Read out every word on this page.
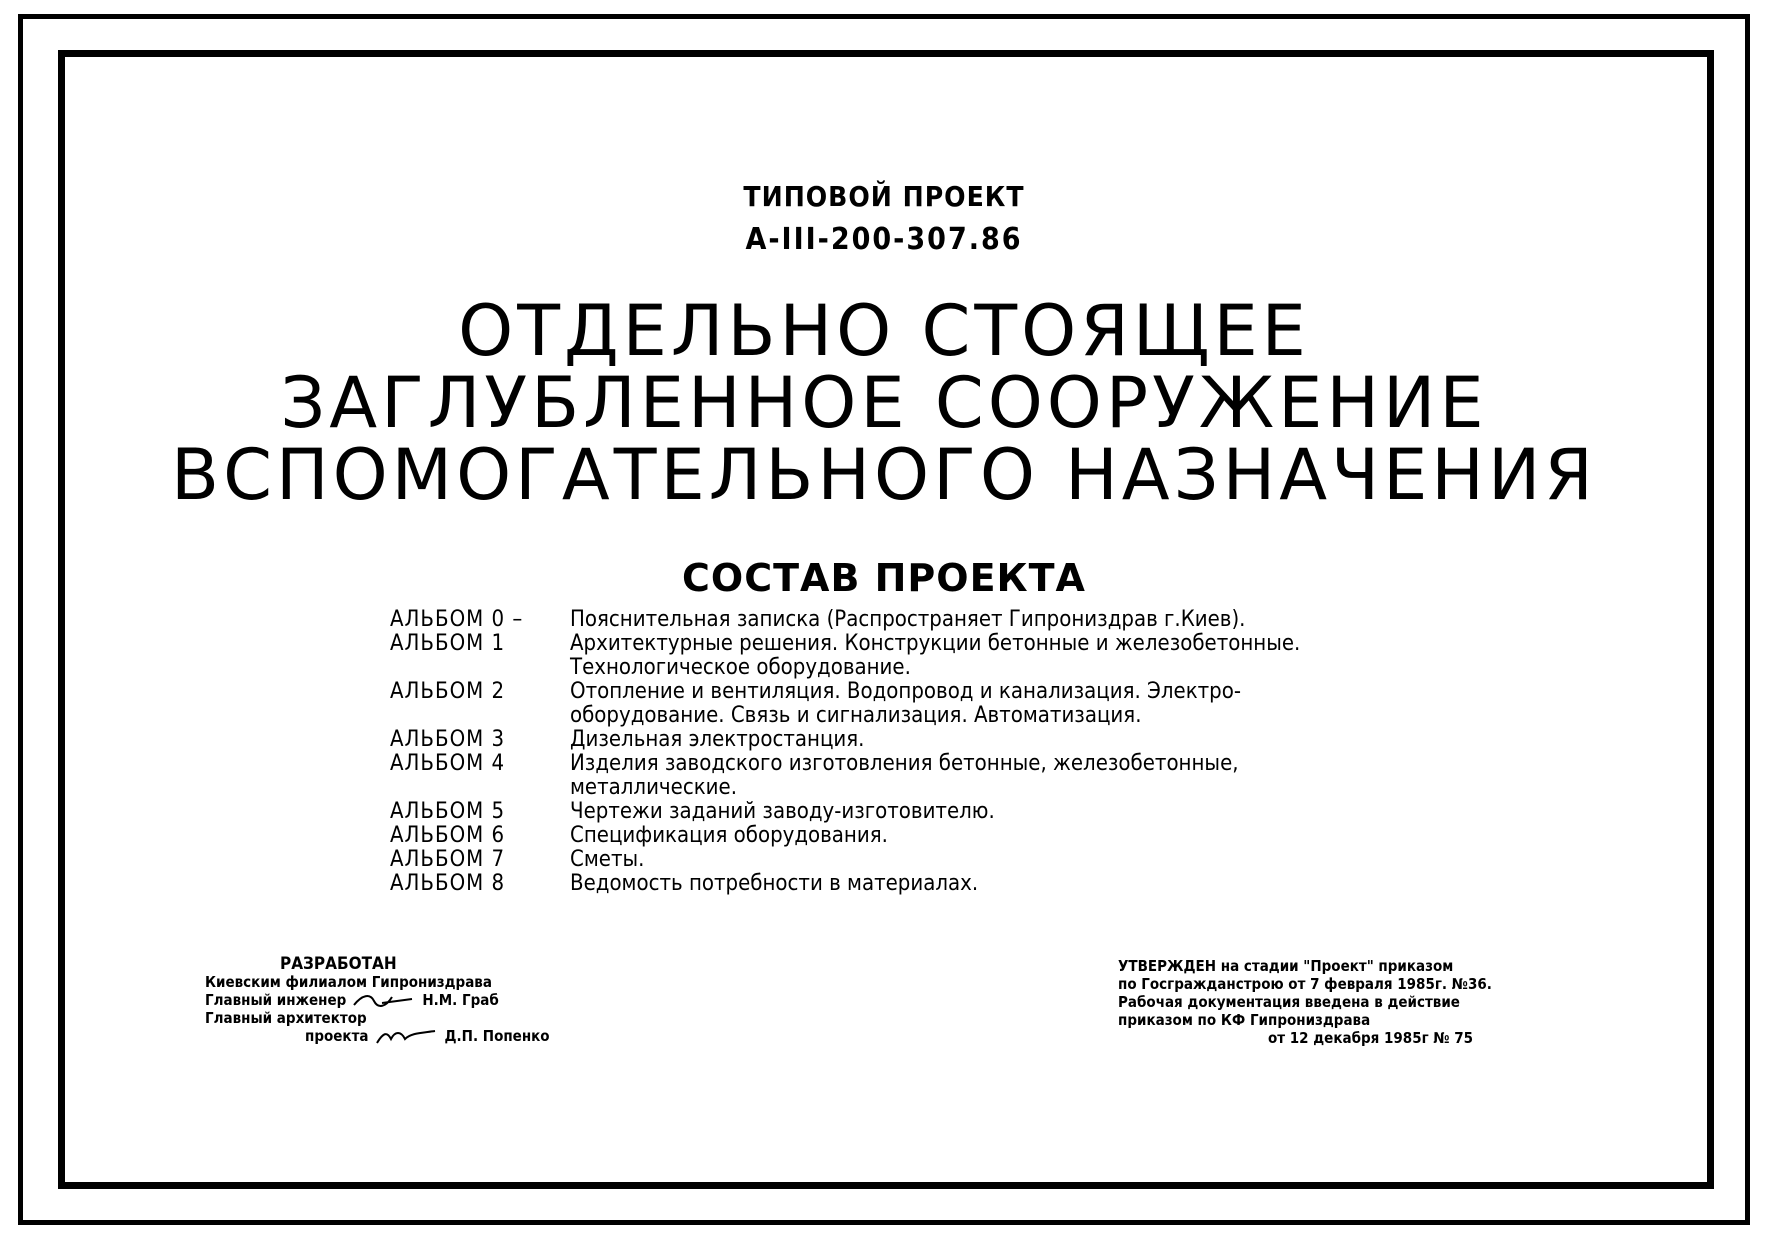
ТИПОВОЙ ПРОЕКТ
А-III-200-307.86
ОТДЕЛЬНО СТОЯЩЕЕ
ЗАГЛУБЛЕННОЕ СООРУЖЕНИЕ
ВСПОМОГАТЕЛЬНОГО НАЗНАЧЕНИЯ
СОСТАВ ПРОЕКТА
АЛЬБОМ 0 –	Пояснительная записка (Распространяет Гипрониздрав г.Киев).
АЛЬБОМ 1	Архитектурные решения. Конструкции бетонные и железобетонные.
Технологическое оборудование.
АЛЬБОМ 2	Отопление и вентиляция. Водопровод и канализация. Электро-
оборудование. Связь и сигнализация. Автоматизация.
АЛЬБОМ 3	Дизельная электростанция.
АЛЬБОМ 4	Изделия заводского изготовления бетонные, железобетонные,
металлические.
АЛЬБОМ 5	Чертежи заданий заводу-изготовителю.
АЛЬБОМ 6	Спецификация оборудования.
АЛЬБОМ 7	Сметы.
АЛЬБОМ 8	Ведомость потребности в материалах.
РАЗРАБОТАН
Киевским филиалом Гипрониздрава
Главный инженер	Н.М. Граб
Главный архитектор
проекта	Д.П. Попенко
УТВЕРЖДЕН на стадии "Проект" приказом
по Госгражданстрою от 7 февраля 1985г. №36.
Рабочая документация введена в действие
приказом по КФ Гипрониздрава
от 12 декабря 1985г № 75
